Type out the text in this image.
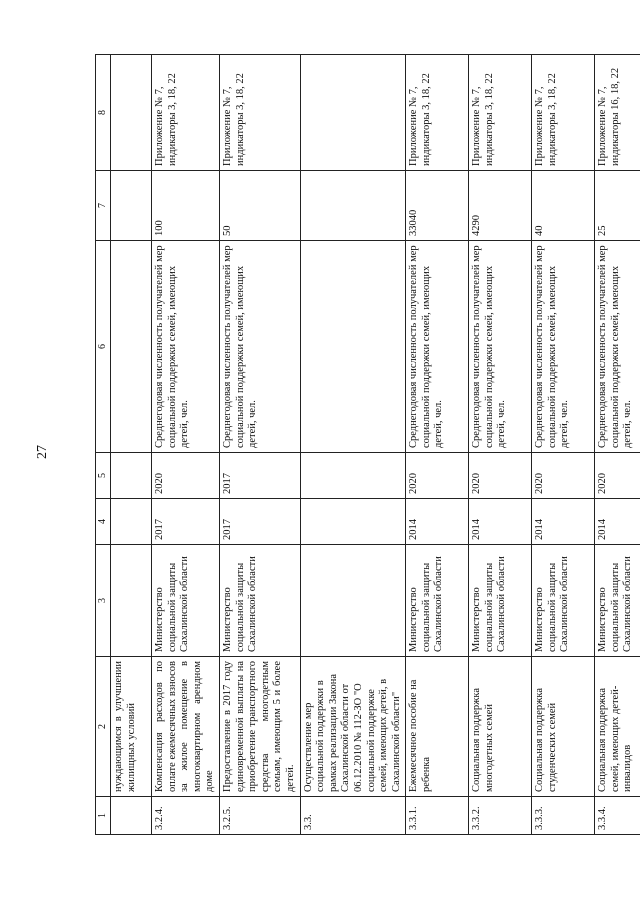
27
1	2	3	4	5	6	7	8
	нуждающимся в улучшении жилищных условий						
3.2.4.	Компенсация расходов по оплате ежемесячных взносов за жилое помещение в многоквартирном арендном доме	Министерство социальной защиты Сахалинской области	2017	2020	Среднегодовая численность получателей мер социальной поддержки семей, имеющих детей, чел.	100	Приложение № 7, индикаторы 3, 18, 22
3.2.5.	Предоставление в 2017 году единовременной выплаты на приобретение транспортного средства многодетным семьям, имеющим 5 и более детей.	Министерство социальной защиты Сахалинской области	2017	2017	Среднегодовая численность получателей мер социальной поддержки семей, имеющих детей, чел.	50	Приложение № 7, индикаторы 3, 18, 22
3.3.	Осуществление мер социальной поддержки в рамках реализации Закона Сахалинской области от 06.12.2010 № 112-ЗО "О социальной поддержке семей, имеющих детей, в Сахалинской области"						
3.3.1.	Ежемесячное пособие на ребенка	Министерство социальной защиты Сахалинской области	2014	2020	Среднегодовая численность получателей мер социальной поддержки семей, имеющих детей, чел.	33040	Приложение № 7, индикаторы 3, 18, 22
3.3.2.	Социальная поддержка многодетных семей	Министерство социальной защиты Сахалинской области	2014	2020	Среднегодовая численность получателей мер социальной поддержки семей, имеющих детей, чел.	4290	Приложение № 7, индикаторы 3, 18, 22
3.3.3.	Социальная поддержка студенческих семей	Министерство социальной защиты Сахалинской области	2014	2020	Среднегодовая численность получателей мер социальной поддержки семей, имеющих детей, чел.	40	Приложение № 7, индикаторы 3, 18, 22
3.3.4.	Социальная поддержка семей, имеющих детей-инвалидов	Министерство социальной защиты Сахалинской области	2014	2020	Среднегодовая численность получателей мер социальной поддержки семей, имеющих детей, чел.	25	Приложение № 7, индикаторы 16, 18, 22
